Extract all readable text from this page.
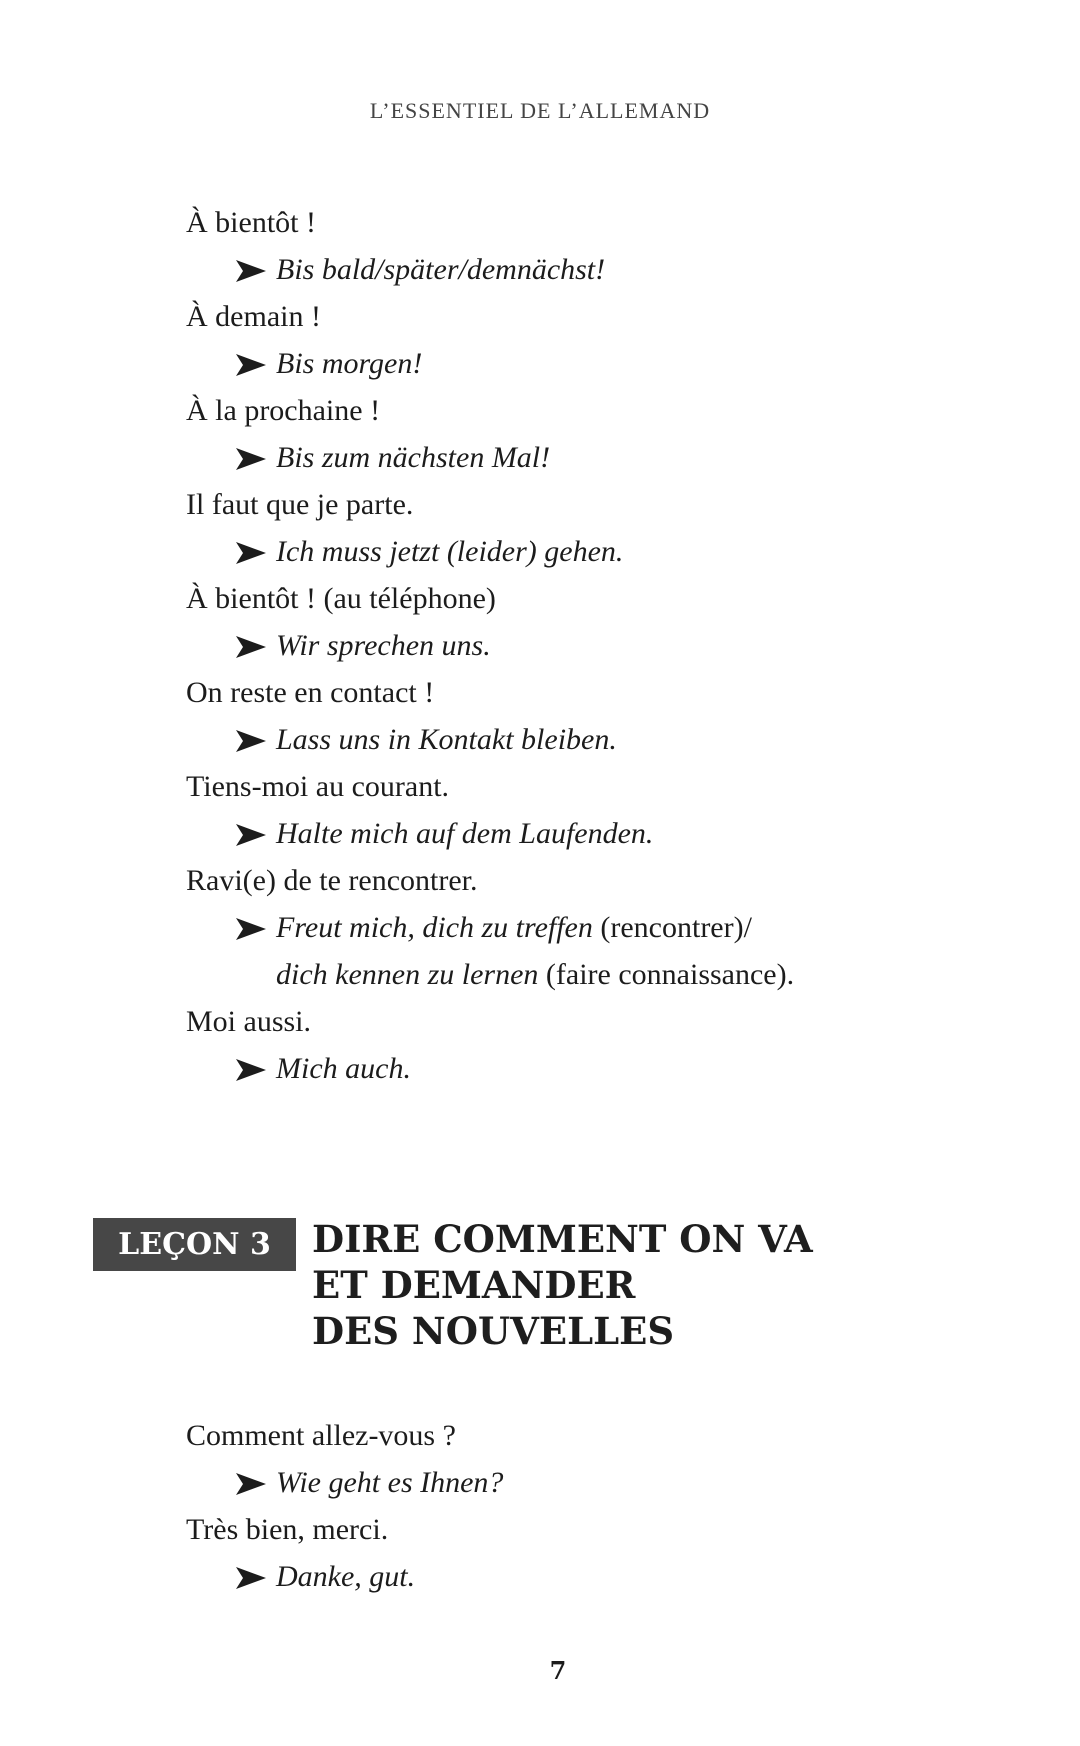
L’ESSENTIEL DE L’ALLEMAND
À bientôt !
Bis bald/später/demnächst!
À demain !
Bis morgen!
À la prochaine !
Bis zum nächsten Mal!
Il faut que je parte.
Ich muss jetzt (leider) gehen.
À bientôt ! (au téléphone)
Wir sprechen uns.
On reste en contact !
Lass uns in Kontakt bleiben.
Tiens-moi au courant.
Halte mich auf dem Laufenden.
Ravi(e) de te rencontrer.
Freut mich, dich zu treffen (rencontrer)/
dich kennen zu lernen (faire connaissance).
Moi aussi.
Mich auch.
LEÇON 3	DIRE COMMENT ON VA
ET DEMANDER
DES NOUVELLES
Comment allez-vous ?
Wie geht es Ihnen?
Très bien, merci.
Danke, gut.
7
